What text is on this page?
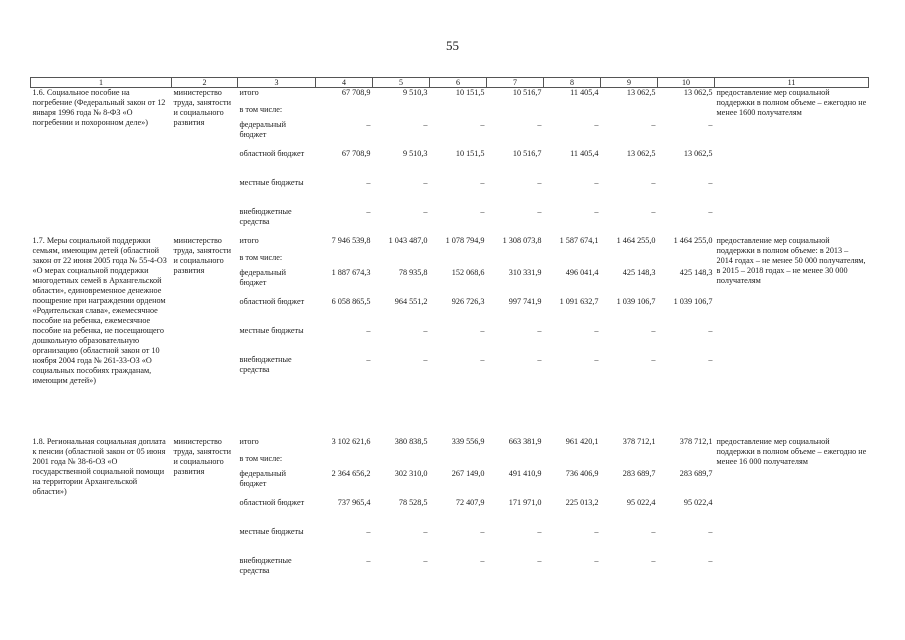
55
1	2	3	4	5	6	7	8	9	10	11
1.6. Социальное пособие на погребение (Федеральный закон от 12 января 1996 года № 8-ФЗ «О погребении и похоронном деле»)	министерство труда, занятости и социального развития	итого	67 708,9	9 510,3	10 151,5	10 516,7	11 405,4	13 062,5	13 062,5	предоставление мер социальной поддержки в полном объеме – ежегодно не менее 1600 получателям
		в том числе:								
		федеральный бюджет	–	–	–	–	–	–	–	
		областной бюджет	67 708,9	9 510,3	10 151,5	10 516,7	11 405,4	13 062,5	13 062,5	
		местные бюджеты	–	–	–	–	–	–	–	
		внебюджетные средства	–	–	–	–	–	–	–	
1.7. Меры социальной поддержки семьям, имеющим детей (областной закон от 22 июня 2005 года № 55-4-ОЗ «О мерах социальной поддержки многодетных семей в Архангельской области», единовременное денежное поощрение при награждении орденом «Родительская слава», ежемесячное пособие на ребенка, ежемесячное пособие на ребенка, не посещающего дошкольную образовательную организацию (областной закон от 10 ноября 2004 года № 261-33-ОЗ «О социальных пособиях гражданам, имеющим детей»)	министерство труда, занятости и социального развития	итого	7 946 539,8	1 043 487,0	1 078 794,9	1 308 073,8	1 587 674,1	1 464 255,0	1 464 255,0	предоставление мер социальной поддержки в полном объеме: в 2013 – 2014 годах – не менее 50 000 получателям, в 2015 – 2018 годах – не менее 30 000 получателям
		в том числе:								
		федеральный бюджет	1 887 674,3	78 935,8	152 068,6	310 331,9	496 041,4	425 148,3	425 148,3	
		областной бюджет	6 058 865,5	964 551,2	926 726,3	997 741,9	1 091 632,7	1 039 106,7	1 039 106,7	
		местные бюджеты	–	–	–	–	–	–	–	
		внебюджетные средства	–	–	–	–	–	–	–	
1.8. Региональная социальная доплата к пенсии (областной закон от 05 июня 2001 года № 38-6-ОЗ «О государственной социальной помощи на территории Архангельской области»)	министерство труда, занятости и социального развития	итого	3 102 621,6	380 838,5	339 556,9	663 381,9	961 420,1	378 712,1	378 712,1	предоставление мер социальной поддержки в полном объеме – ежегодно не менее 16 000 получателям
		в том числе:								
		федеральный бюджет	2 364 656,2	302 310,0	267 149,0	491 410,9	736 406,9	283 689,7	283 689,7	
		областной бюджет	737 965,4	78 528,5	72 407,9	171 971,0	225 013,2	95 022,4	95 022,4	
		местные бюджеты	–	–	–	–	–	–	–	
		внебюджетные средства	–	–	–	–	–	–	–	
